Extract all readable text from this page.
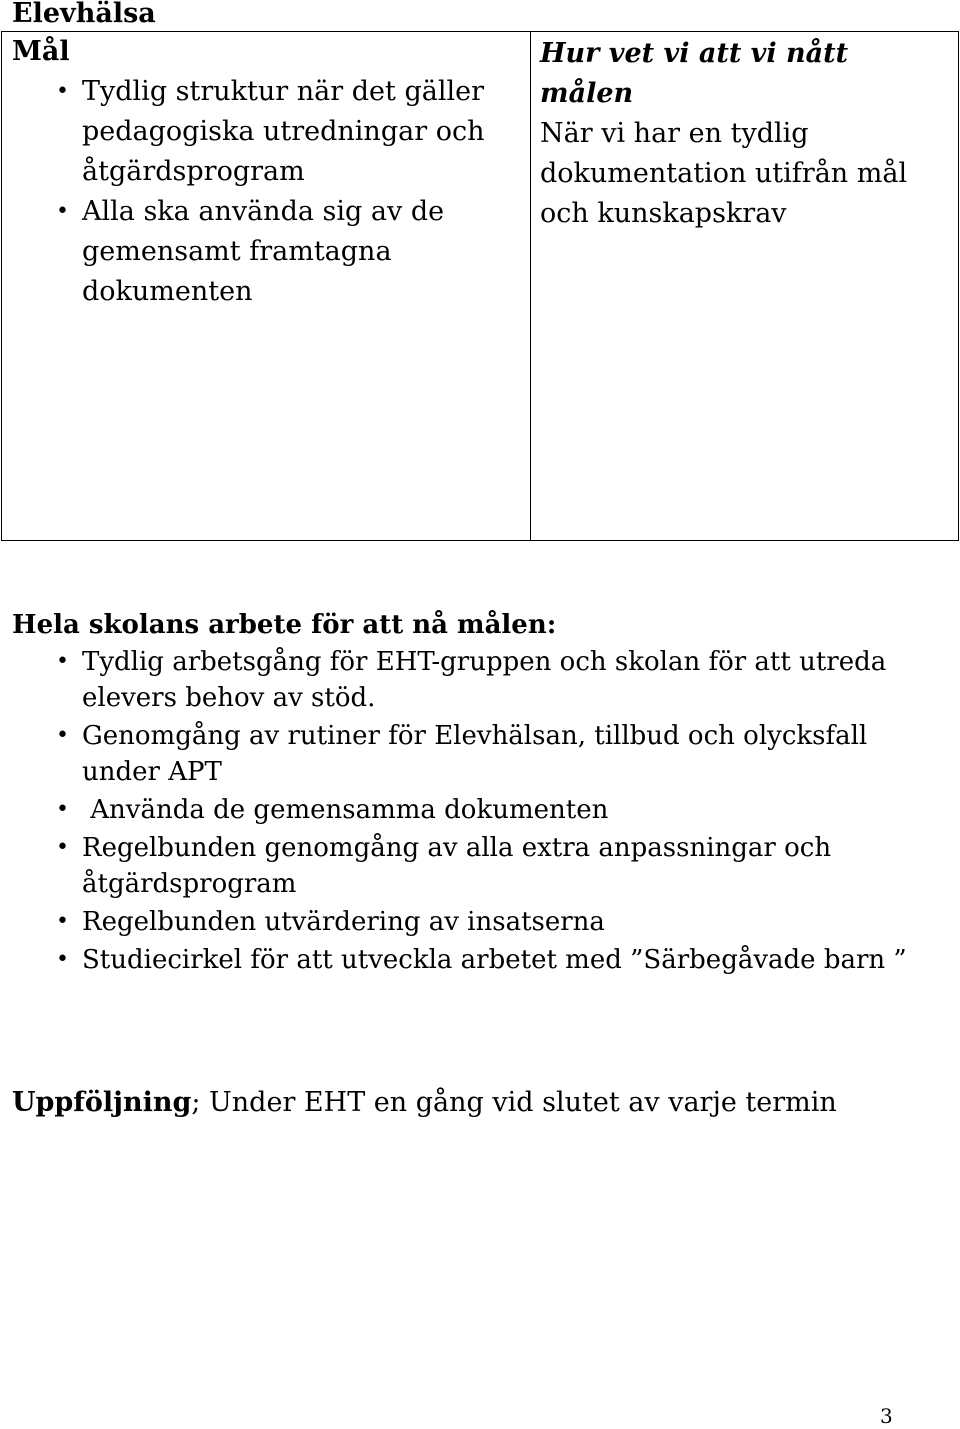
Elevhälsa

Mål

• Tydlig struktur när det gäller pedagogiska utredningar och åtgärdsprogram
• Alla ska använda sig av de gemensamt framtagna dokumenten

Hur vet vi att vi nått målen

När vi har en tydlig dokumentation utifrån mål och kunskapskrav

Hela skolans arbete för att nå målen:

• Tydlig arbetsgång för EHT-gruppen och skolan för att utreda elevers behov av stöd.
• Genomgång av rutiner för Elevhälsan, tillbud och olycksfall under APT
• Använda de gemensamma dokumenten
• Regelbunden genomgång av alla extra anpassningar och åtgärdsprogram
• Regelbunden utvärdering av insatserna
• Studiecirkel för att utveckla arbetet med ”Särbegåvade barn ”

Uppföljning; Under EHT en gång vid slutet av varje termin

3
